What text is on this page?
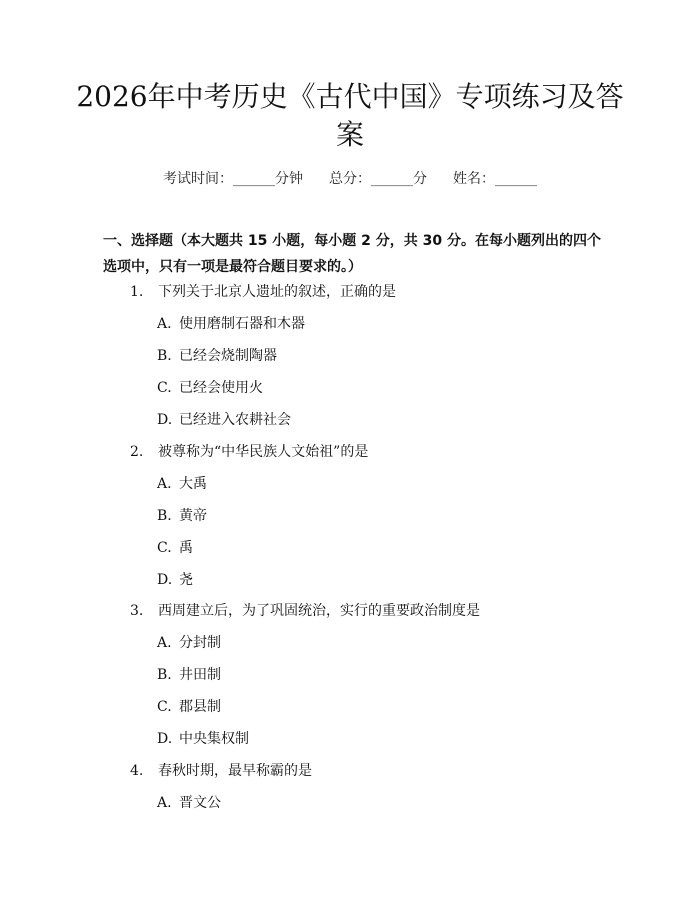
2026年中考历史《古代中国》专项练习及答案
考试时间：______分钟 总分：______分 姓名：______
一、选择题（本大题共 15 小题，每小题 2 分，共 30 分。在每小题列出的四个选项中，只有一项是最符合题目要求的。）
1. 下列关于北京人遗址的叙述，正确的是
A. 使用磨制石器和木器
B. 已经会烧制陶器
C. 已经会使用火
D. 已经进入农耕社会
2. 被尊称为“中华民族人文始祖”的是
A. 大禹
B. 黄帝
C. 禹
D. 尧
3. 西周建立后，为了巩固统治，实行的重要政治制度是
A. 分封制
B. 井田制
C. 郡县制
D. 中央集权制
4. 春秋时期，最早称霸的是
A. 晋文公
